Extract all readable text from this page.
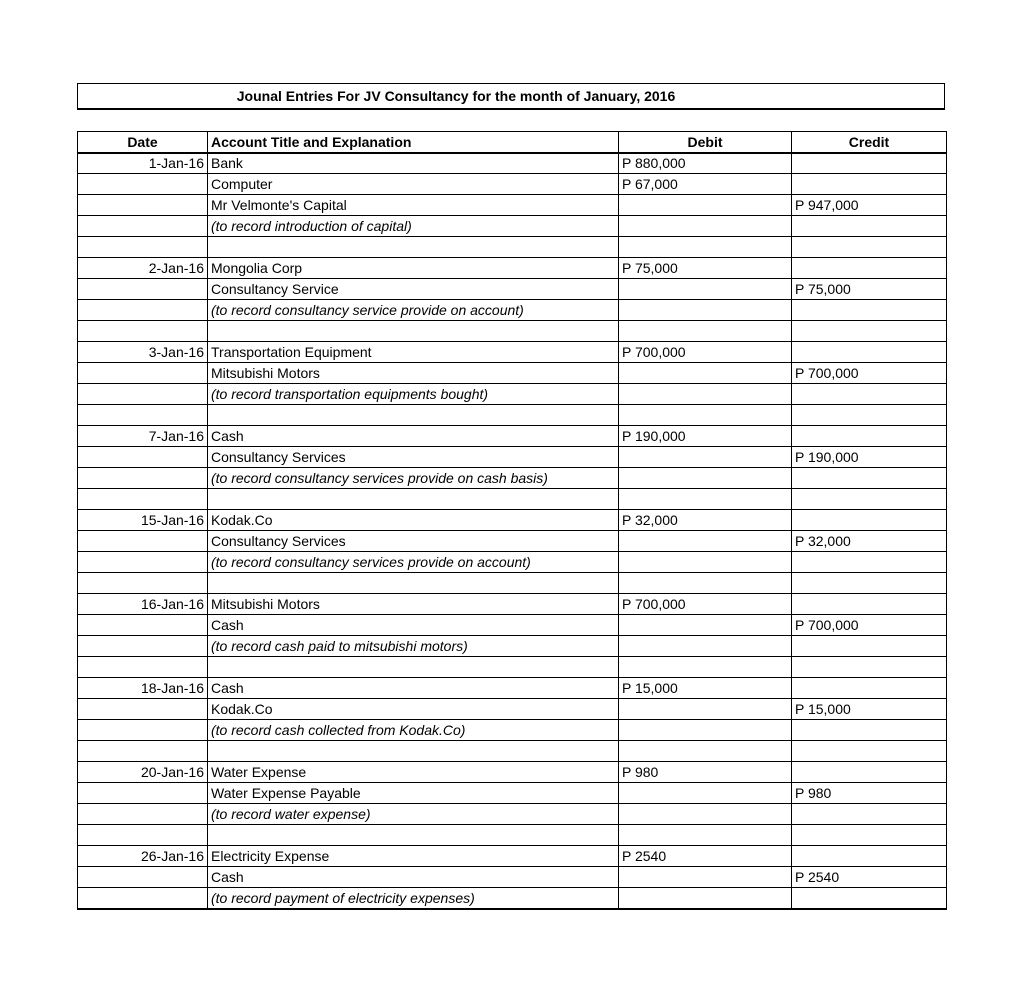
Jounal Entries For JV Consultancy for the month of January, 2016
Date	Account Title and Explanation	Debit	Credit
1-Jan-16	Bank	P 880,000	
	Computer	P 67,000	
	Mr Velmonte's Capital		P 947,000
	(to record introduction of capital)		

2-Jan-16	Mongolia Corp	P 75,000	
	Consultancy Service		P 75,000
	(to record consultancy service provide on account)		

3-Jan-16	Transportation Equipment	P 700,000	
	Mitsubishi Motors		P 700,000
	(to record transportation equipments bought)		

7-Jan-16	Cash	P 190,000	
	Consultancy Services		P 190,000
	(to record consultancy services provide on cash basis)		

15-Jan-16	Kodak.Co	P 32,000	
	Consultancy Services		P 32,000
	(to record consultancy services provide on account)		

16-Jan-16	Mitsubishi Motors	P 700,000	
	Cash		P 700,000
	(to record cash paid to mitsubishi motors)		

18-Jan-16	Cash	P 15,000	
	Kodak.Co		P 15,000
	(to record cash collected from Kodak.Co)		

20-Jan-16	Water Expense	P 980	
	Water Expense Payable		P 980
	(to record water expense)		

26-Jan-16	Electricity Expense	P 2540	
	Cash		P 2540
	(to record payment of electricity expenses)		
